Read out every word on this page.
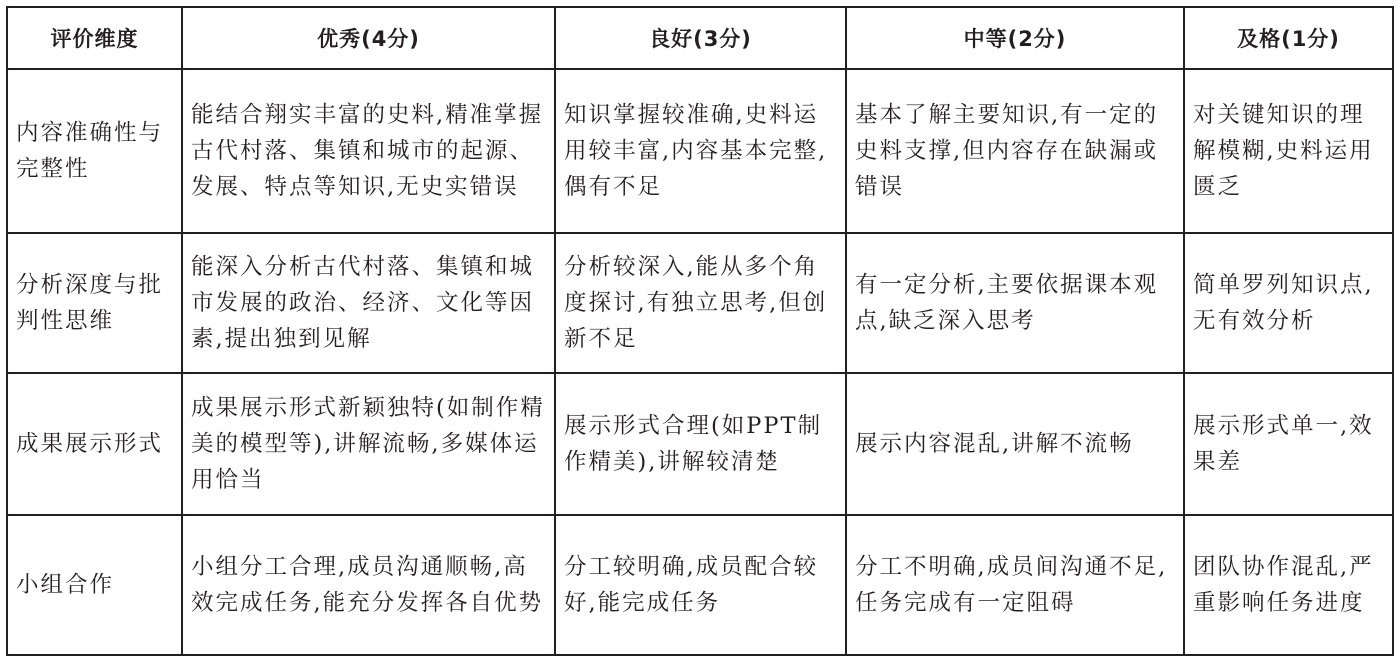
评价维度	优秀(4分)	良好(3分)	中等(2分)	及格(1分)
内容准确性与完整性	能结合翔实丰富的史料,精准掌握古代村落、集镇和城市的起源、发展、特点等知识,无史实错误	知识掌握较准确,史料运用较丰富,内容基本完整,偶有不足	基本了解主要知识,有一定的史料支撑,但内容存在缺漏或错误	对关键知识的理解模糊,史料运用匮乏
分析深度与批判性思维	能深入分析古代村落、集镇和城市发展的政治、经济、文化等因素,提出独到见解	分析较深入,能从多个角度探讨,有独立思考,但创新不足	有一定分析,主要依据课本观点,缺乏深入思考	简单罗列知识点,无有效分析
成果展示形式	成果展示形式新颖独特(如制作精美的模型等),讲解流畅,多媒体运用恰当	展示形式合理(如PPT制作精美),讲解较清楚	展示内容混乱,讲解不流畅	展示形式单一,效果差
小组合作	小组分工合理,成员沟通顺畅,高效完成任务,能充分发挥各自优势	分工较明确,成员配合较好,能完成任务	分工不明确,成员间沟通不足,任务完成有一定阻碍	团队协作混乱,严重影响任务进度
